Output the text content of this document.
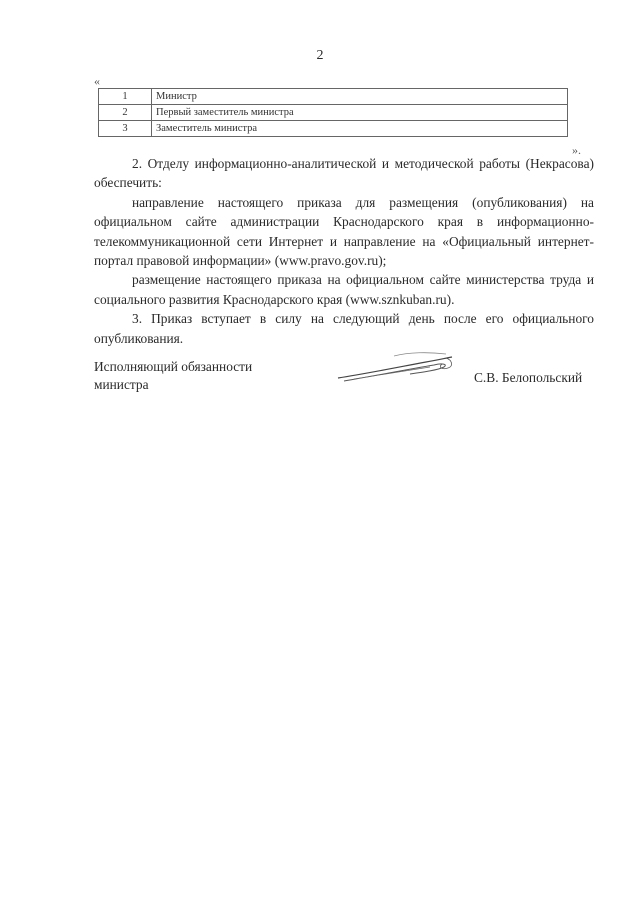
2
«
1	Министр
2	Первый заместитель министра
3	Заместитель министра
».

2. Отделу информационно-аналитической и методической работы (Некрасова) обеспечить:

направление настоящего приказа для размещения (опубликования) на официальном сайте администрации Краснодарского края в информационно-телекоммуникационной сети Интернет и направление на «Официальный интернет-портал правовой информации» (www.pravo.gov.ru);

размещение настоящего приказа на официальном сайте министерства труда и социального развития Краснодарского края (www.sznkuban.ru).

3. Приказ вступает в силу на следующий день после его официального опубликования.

Исполняющий обязанности
министра	С.В. Белопольский
